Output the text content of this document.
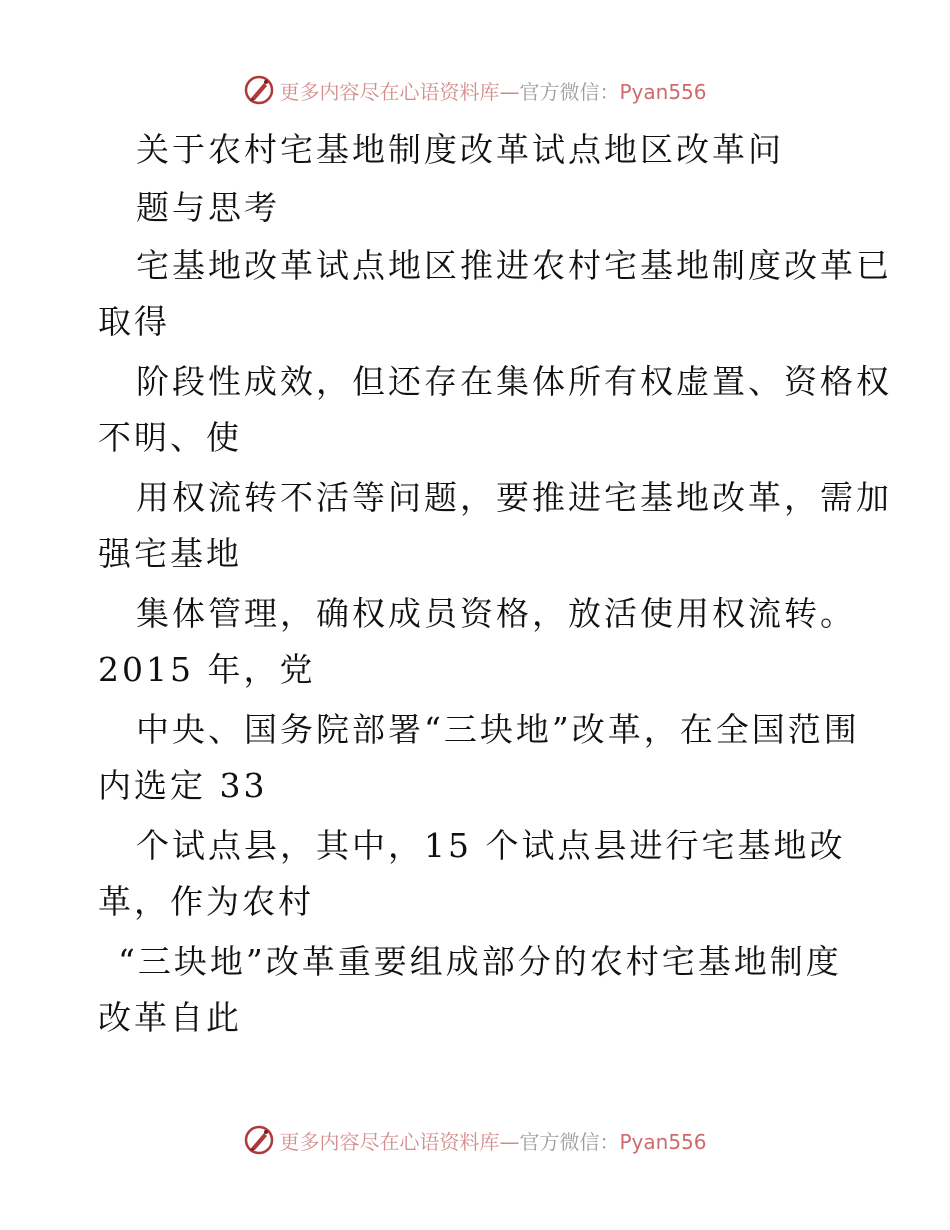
更多内容尽在心语资料库—官方微信：Pyan556
关于农村宅基地制度改革试点地区改革问
题与思考
宅基地改革试点地区推进农村宅基地制度改革已
取得
阶段性成效，但还存在集体所有权虚置、资格权
不明、使
用权流转不活等问题，要推进宅基地改革，需加
强宅基地
集体管理，确权成员资格，放活使用权流转。
2015 年，党
中央、国务院部署“三块地”改革，在全国范围
内选定 33
个试点县，其中，15 个试点县进行宅基地改
革，作为农村
“三块地”改革重要组成部分的农村宅基地制度
改革自此
更多内容尽在心语资料库—官方微信：Pyan556
